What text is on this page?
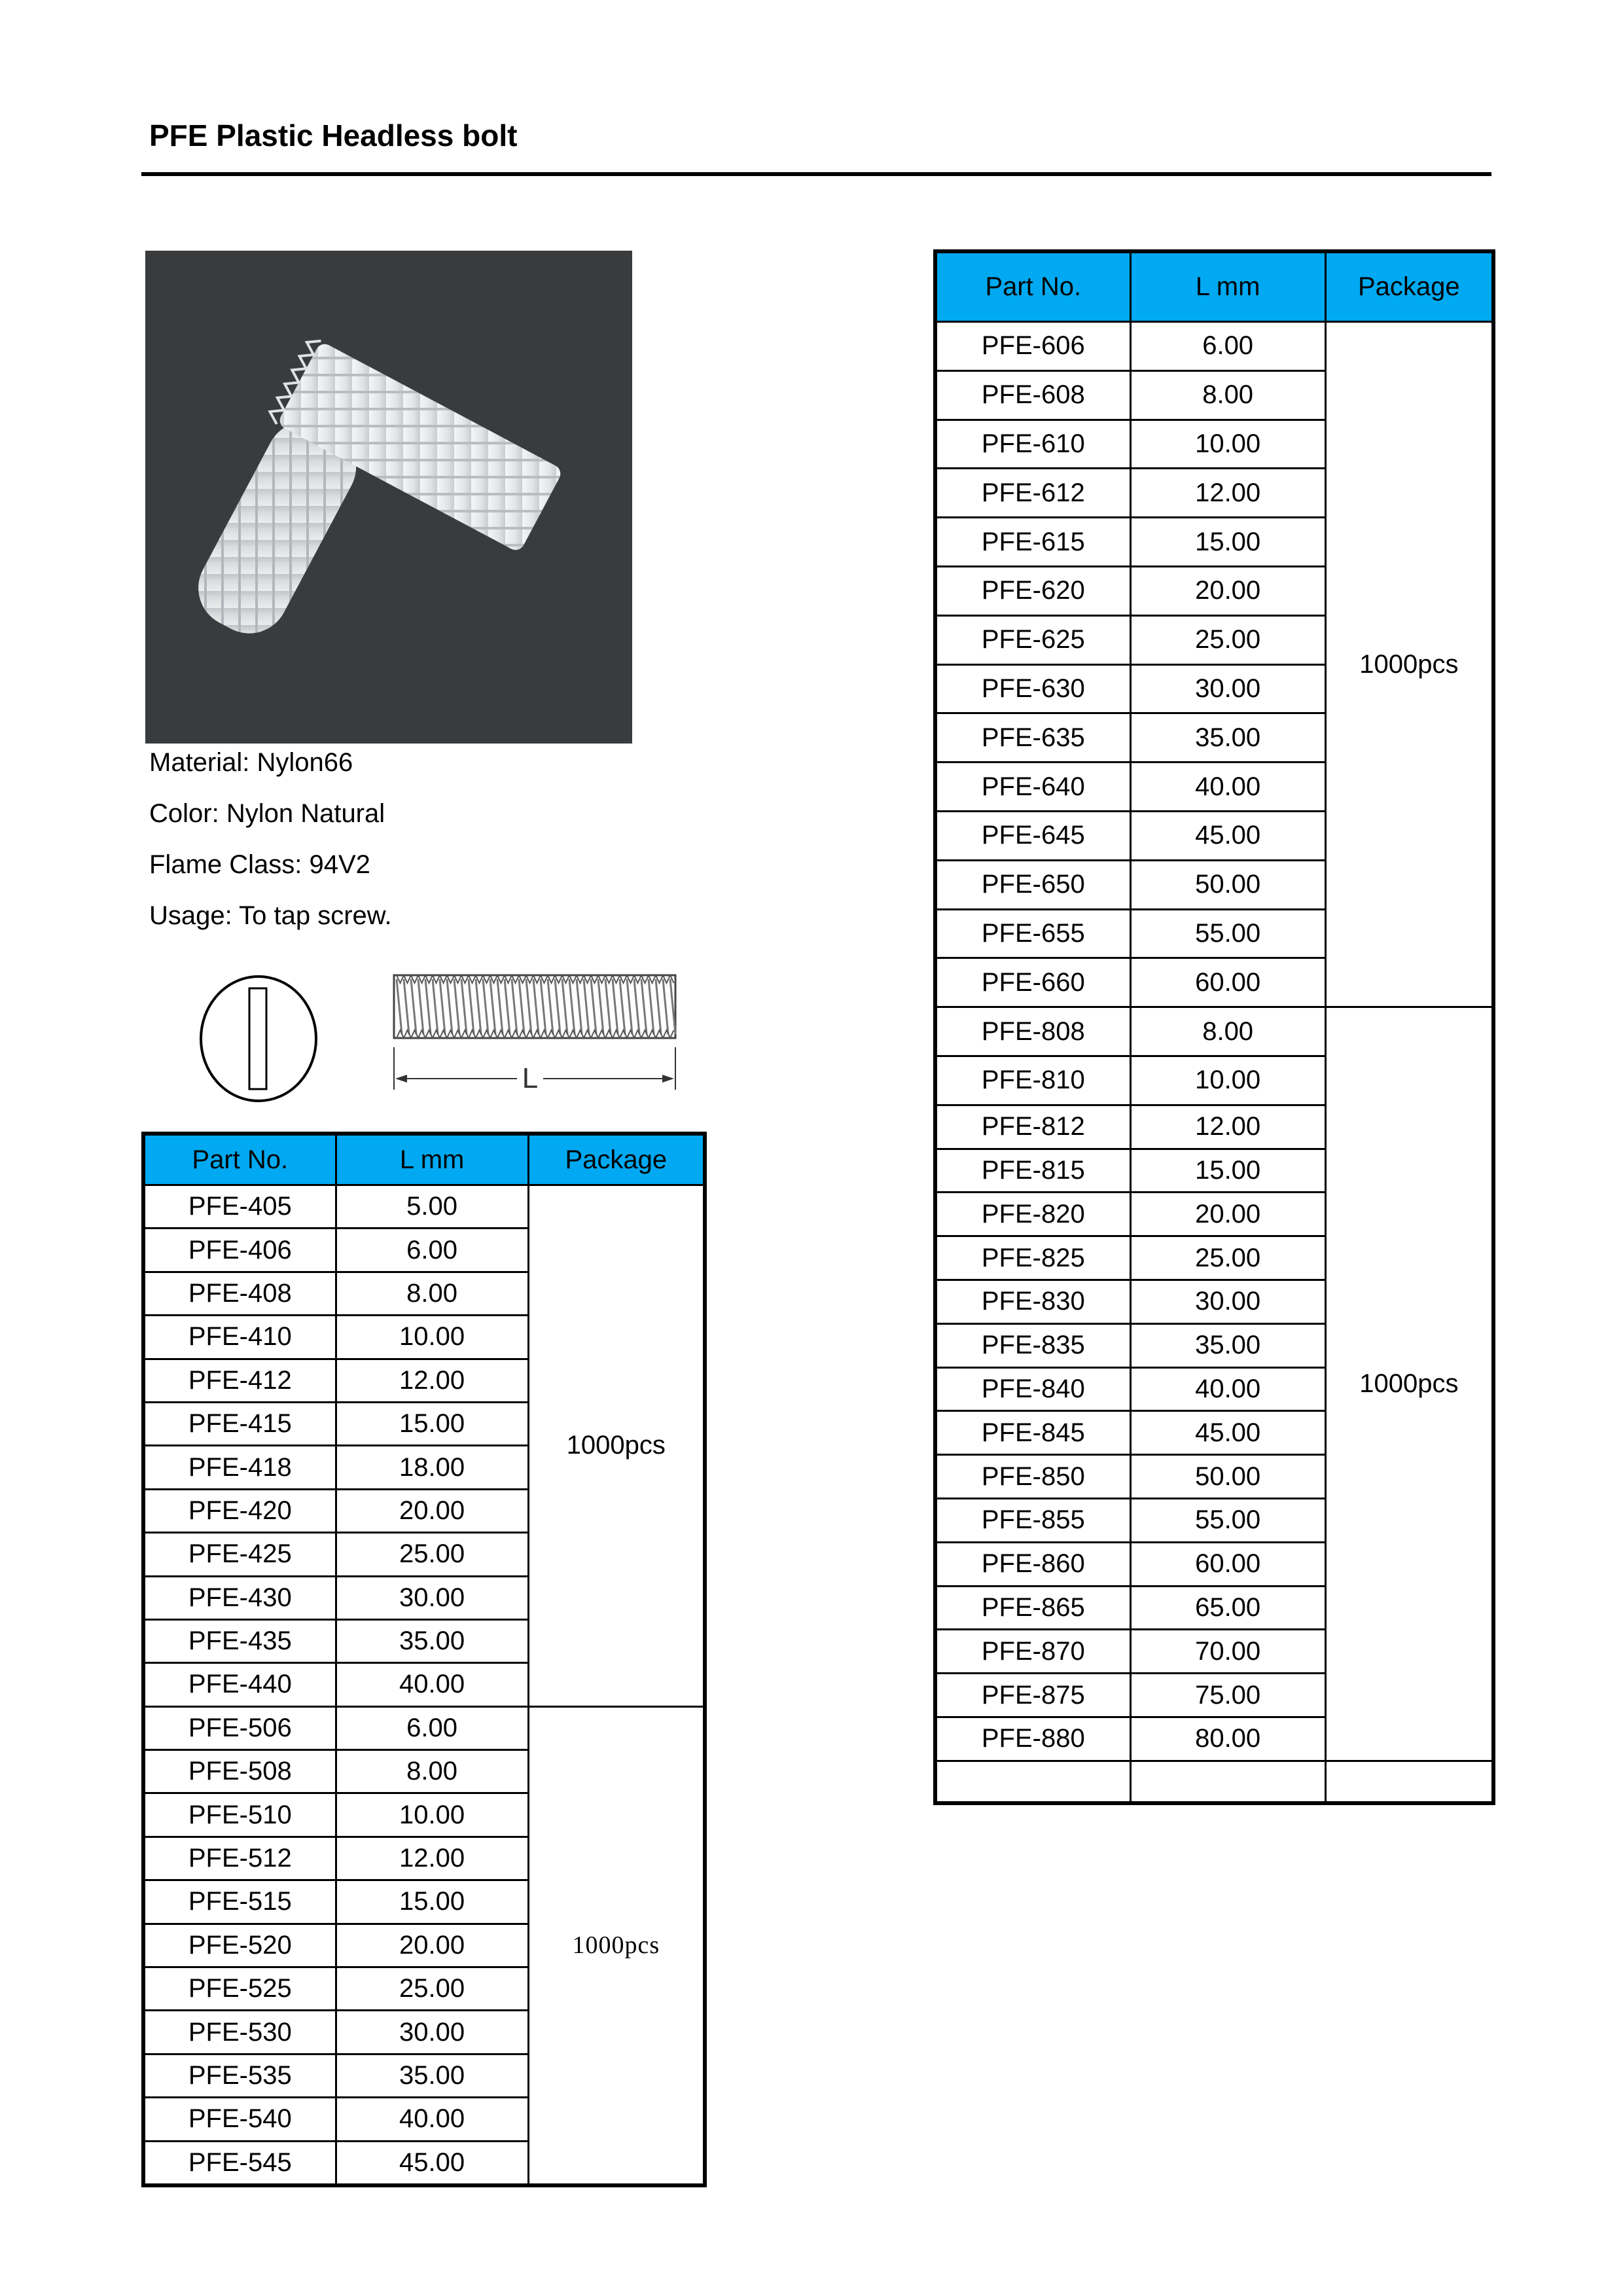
PFE Plastic Headless bolt
Material: Nylon66
Color: Nylon Natural
Flame Class: 94V2
Usage: To tap screw.
L
Part No.	L mm	Package
PFE-405	5.00	1000pcs
PFE-406	6.00	
PFE-408	8.00	
PFE-410	10.00	
PFE-412	12.00	
PFE-415	15.00	
PFE-418	18.00	
PFE-420	20.00	
PFE-425	25.00	
PFE-430	30.00	
PFE-435	35.00	
PFE-440	40.00	
PFE-506	6.00	1000pcs
PFE-508	8.00	
PFE-510	10.00	
PFE-512	12.00	
PFE-515	15.00	
PFE-520	20.00	
PFE-525	25.00	
PFE-530	30.00	
PFE-535	35.00	
PFE-540	40.00	
PFE-545	45.00	
Part No.	L mm	Package
PFE-606	6.00	1000pcs
PFE-608	8.00	
PFE-610	10.00	
PFE-612	12.00	
PFE-615	15.00	
PFE-620	20.00	
PFE-625	25.00	
PFE-630	30.00	
PFE-635	35.00	
PFE-640	40.00	
PFE-645	45.00	
PFE-650	50.00	
PFE-655	55.00	
PFE-660	60.00	
PFE-808	8.00	1000pcs
PFE-810	10.00	
PFE-812	12.00	
PFE-815	15.00	
PFE-820	20.00	
PFE-825	25.00	
PFE-830	30.00	
PFE-835	35.00	
PFE-840	40.00	
PFE-845	45.00	
PFE-850	50.00	
PFE-855	55.00	
PFE-860	60.00	
PFE-865	65.00	
PFE-870	70.00	
PFE-875	75.00	
PFE-880	80.00	
